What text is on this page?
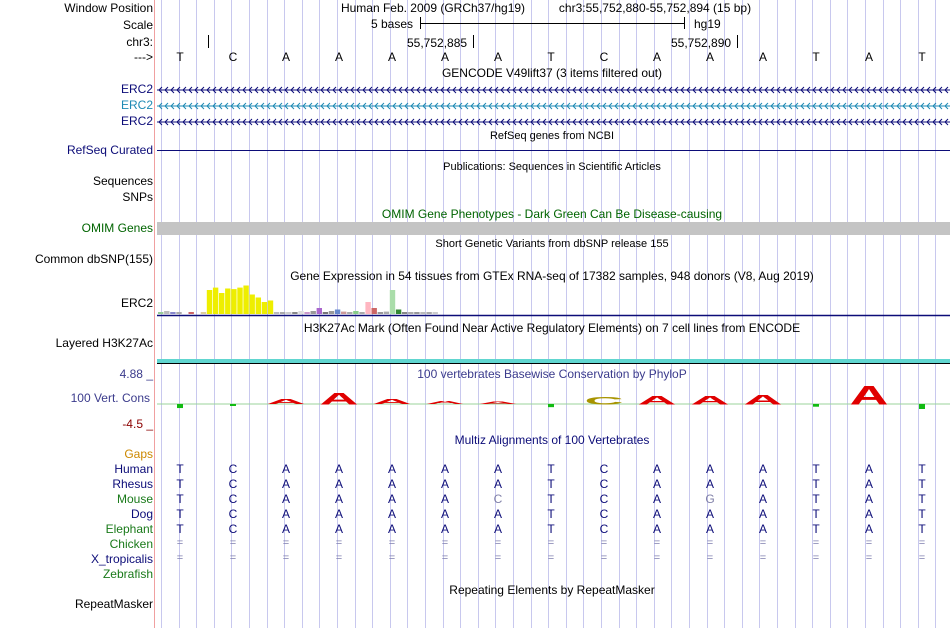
Window Position	Human Feb. 2009 (GRCh37/hg19)	chr3:55,752,880-55,752,894 (15 bp)
Scale	5 bases	hg19
chr3:	55,752,885	55,752,890
--->	T	C	A	A	A	A	A	T	C	A	A	A	T	A	T
GENCODE V49lift37 (3 items filtered out)
ERC2
ERC2
ERC2
RefSeq genes from NCBI
RefSeq Curated
Publications: Sequences in Scientific Articles
Sequences
SNPs
OMIM Gene Phenotypes - Dark Green Can Be Disease-causing
OMIM Genes
Short Genetic Variants from dbSNP release 155
Common dbSNP(155)
Gene Expression in 54 tissues from GTEx RNA-seq of 17382 samples, 948 donors (V8, Aug 2019)
ERC2
H3K27Ac Mark (Often Found Near Active Regulatory Elements) on 7 cell lines from ENCODE
Layered H3K27Ac
100 vertebrates Basewise Conservation by PhyloP
4.88 _
100 Vert. Cons
-4.5 _
A A A A A C A A A A
Multiz Alignments of 100 Vertebrates
Gaps
Human	T	C	A	A	A	A	A	T	C	A	A	A	T	A	T
Rhesus	T	C	A	A	A	A	A	T	C	A	A	A	T	A	T
Mouse	T	C	A	A	A	A	C	T	C	A	G	A	T	A	T
Dog	T	C	A	A	A	A	A	T	C	A	A	A	T	A	T
Elephant	T	C	A	A	A	A	A	T	C	A	A	A	T	A	T
Chicken	=	=	=	=	=	=	=	=	=	=	=	=	=	=	=
X_tropicalis	=	=	=	=	=	=	=	=	=	=	=	=	=	=	=
Zebrafish
Repeating Elements by RepeatMasker
RepeatMasker
